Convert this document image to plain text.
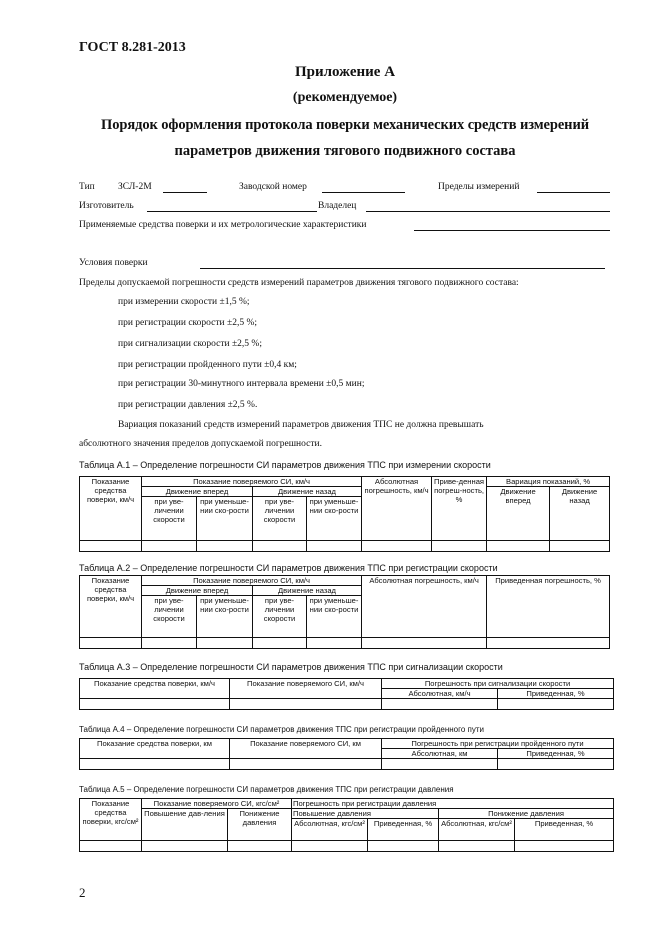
ГОСТ 8.281-2013
Приложение А
(рекомендуемое)
Порядок оформления протокола поверки механических средств измерений
параметров движения тягового подвижного состава
Тип ЗСЛ-2М	Заводской номер	Пределы измерений
Изготовитель	Владелец
Применяемые средства поверки и их метрологические характеристики
Условия поверки
Пределы допускаемой погрешности средств измерений параметров движения тягового подвижного состава:
при измерении скорости ±1,5 %;
при регистрации скорости ±2,5 %;
при сигнализации скорости ±2,5 %;
при регистрации пройденного пути ±0,4 км;
при регистрации 30-минутного интервала времени ±0,5 мин;
при регистрации давления ±2,5 %.
Вариация показаний средств измерений параметров движения ТПС не должна превышать
абсолютного значения пределов допускаемой погрешности.
Таблица А.1 – Определение погрешности СИ параметров движения ТПС при измерении скорости
Показание средства поверки, км/ч	Показание поверяемого СИ, км/ч				Абсолютная погрешность, км/ч	Приве-денная погреш-ность, %	Вариация показаний, %	
	Движение вперед		Движение назад				Движение вперед	Движение назад
	при уве-личении скорости	при уменьше-нии ско-рости	при уве-личении скорости	при уменьше-нии ско-рости				

Таблица А.2 – Определение погрешности СИ параметров движения ТПС при регистрации скорости
Показание средства поверки, км/ч	Показание поверяемого СИ, км/ч				Абсолютная погрешность, км/ч	Приведенная погрешность, %
	Движение вперед		Движение назад			
	при уве-личении скорости	при уменьше-нии ско-рости	при уве-личении скорости	при уменьше-нии ско-рости		

Таблица А.3 – Определение погрешности СИ параметров движения ТПС при сигнализации скорости
Показание средства поверки, км/ч	Показание поверяемого СИ, км/ч	Погрешность при сигнализации скорости	
		Абсолютная, км/ч	Приведенная, %

Таблица А.4 – Определение погрешности СИ параметров движения ТПС при регистрации пройденного пути
Показание средства поверки, км	Показание поверяемого СИ, км	Погрешность при регистрации пройденного пути	
		Абсолютная, км	Приведенная, %

Таблица А.5 – Определение погрешности СИ параметров движения ТПС при регистрации давления
Показание средства поверки, кгс/см²	Показание поверяемого СИ, кгс/см²		Погрешность при регистрации давления			
	Повышение дав-ления	Понижение давления	Повышение давления		Понижение давления	
			Абсолютная, кгс/см²	Приведенная, %	Абсолютная, кгс/см²	Приведенная, %

2
